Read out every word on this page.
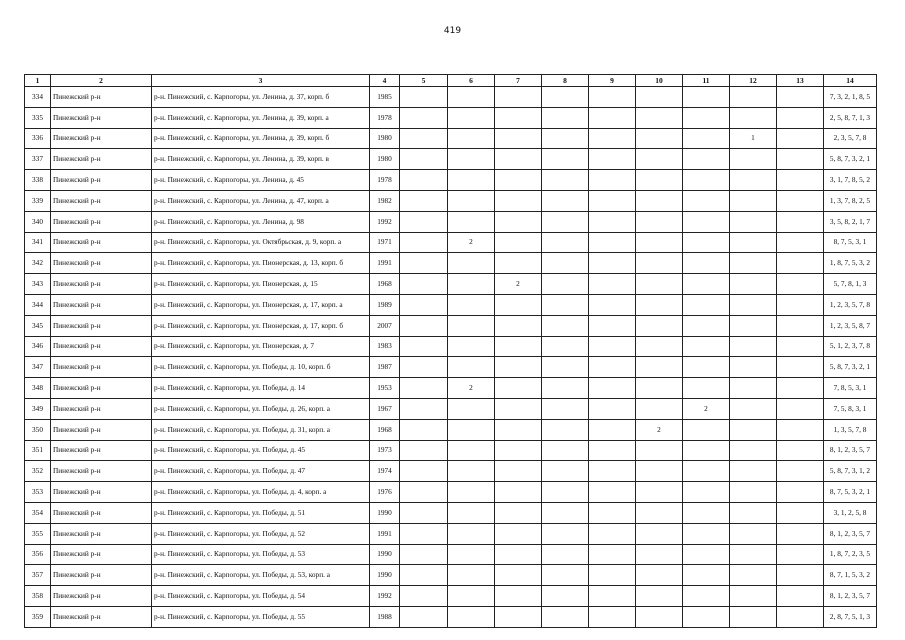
419
1	2	3	4	5	6	7	8	9	10	11	12	13	14
334	Пинежский р-н	р-н. Пинежский, с. Карпогоры, ул. Ленина, д. 37, корп. б	1985										7, 3, 2, 1, 8, 5
335	Пинежский р-н	р-н. Пинежский, с. Карпогоры, ул. Ленина, д. 39, корп. а	1978										2, 5, 8, 7, 1, 3
336	Пинежский р-н	р-н. Пинежский, с. Карпогоры, ул. Ленина, д. 39, корп. б	1980								1		2, 3, 5, 7, 8
337	Пинежский р-н	р-н. Пинежский, с. Карпогоры, ул. Ленина, д. 39, корп. в	1980										5, 8, 7, 3, 2, 1
338	Пинежский р-н	р-н. Пинежский, с. Карпогоры, ул. Ленина, д. 45	1978										3, 1, 7, 8, 5, 2
339	Пинежский р-н	р-н. Пинежский, с. Карпогоры, ул. Ленина, д. 47, корп. а	1982										1, 3, 7, 8, 2, 5
340	Пинежский р-н	р-н. Пинежский, с. Карпогоры, ул. Ленина, д. 98	1992										3, 5, 8, 2, 1, 7
341	Пинежский р-н	р-н. Пинежский, с. Карпогоры, ул. Октябрьская, д. 9, корп. а	1971		2								8, 7, 5, 3, 1
342	Пинежский р-н	р-н. Пинежский, с. Карпогоры, ул. Пионерская, д. 13, корп. б	1991										1, 8, 7, 5, 3, 2
343	Пинежский р-н	р-н. Пинежский, с. Карпогоры, ул. Пионерская, д. 15	1968			2							5, 7, 8, 1, 3
344	Пинежский р-н	р-н. Пинежский, с. Карпогоры, ул. Пионерская, д. 17, корп. а	1989										1, 2, 3, 5, 7, 8
345	Пинежский р-н	р-н. Пинежский, с. Карпогоры, ул. Пионерская, д. 17, корп. б	2007										1, 2, 3, 5, 8, 7
346	Пинежский р-н	р-н. Пинежский, с. Карпогоры, ул. Пионерская, д. 7	1983										5, 1, 2, 3, 7, 8
347	Пинежский р-н	р-н. Пинежский, с. Карпогоры, ул. Победы, д. 10, корп. б	1987										5, 8, 7, 3, 2, 1
348	Пинежский р-н	р-н. Пинежский, с. Карпогоры, ул. Победы, д. 14	1953		2								7, 8, 5, 3, 1
349	Пинежский р-н	р-н. Пинежский, с. Карпогоры, ул. Победы, д. 26, корп. а	1967							2			7, 5, 8, 3, 1
350	Пинежский р-н	р-н. Пинежский, с. Карпогоры, ул. Победы, д. 31, корп. а	1968						2				1, 3, 5, 7, 8
351	Пинежский р-н	р-н. Пинежский, с. Карпогоры, ул. Победы, д. 45	1973										8, 1, 2, 3, 5, 7
352	Пинежский р-н	р-н. Пинежский, с. Карпогоры, ул. Победы, д. 47	1974										5, 8, 7, 3, 1, 2
353	Пинежский р-н	р-н. Пинежский, с. Карпогоры, ул. Победы, д. 4, корп. а	1976										8, 7, 5, 3, 2, 1
354	Пинежский р-н	р-н. Пинежский, с. Карпогоры, ул. Победы, д. 51	1990										3, 1, 2, 5, 8
355	Пинежский р-н	р-н. Пинежский, с. Карпогоры, ул. Победы, д. 52	1991										8, 1, 2, 3, 5, 7
356	Пинежский р-н	р-н. Пинежский, с. Карпогоры, ул. Победы, д. 53	1990										1, 8, 7, 2, 3, 5
357	Пинежский р-н	р-н. Пинежский, с. Карпогоры, ул. Победы, д. 53, корп. а	1990										8, 7, 1, 5, 3, 2
358	Пинежский р-н	р-н. Пинежский, с. Карпогоры, ул. Победы, д. 54	1992										8, 1, 2, 3, 5, 7
359	Пинежский р-н	р-н. Пинежский, с. Карпогоры, ул. Победы, д. 55	1988										2, 8, 7, 5, 1, 3
